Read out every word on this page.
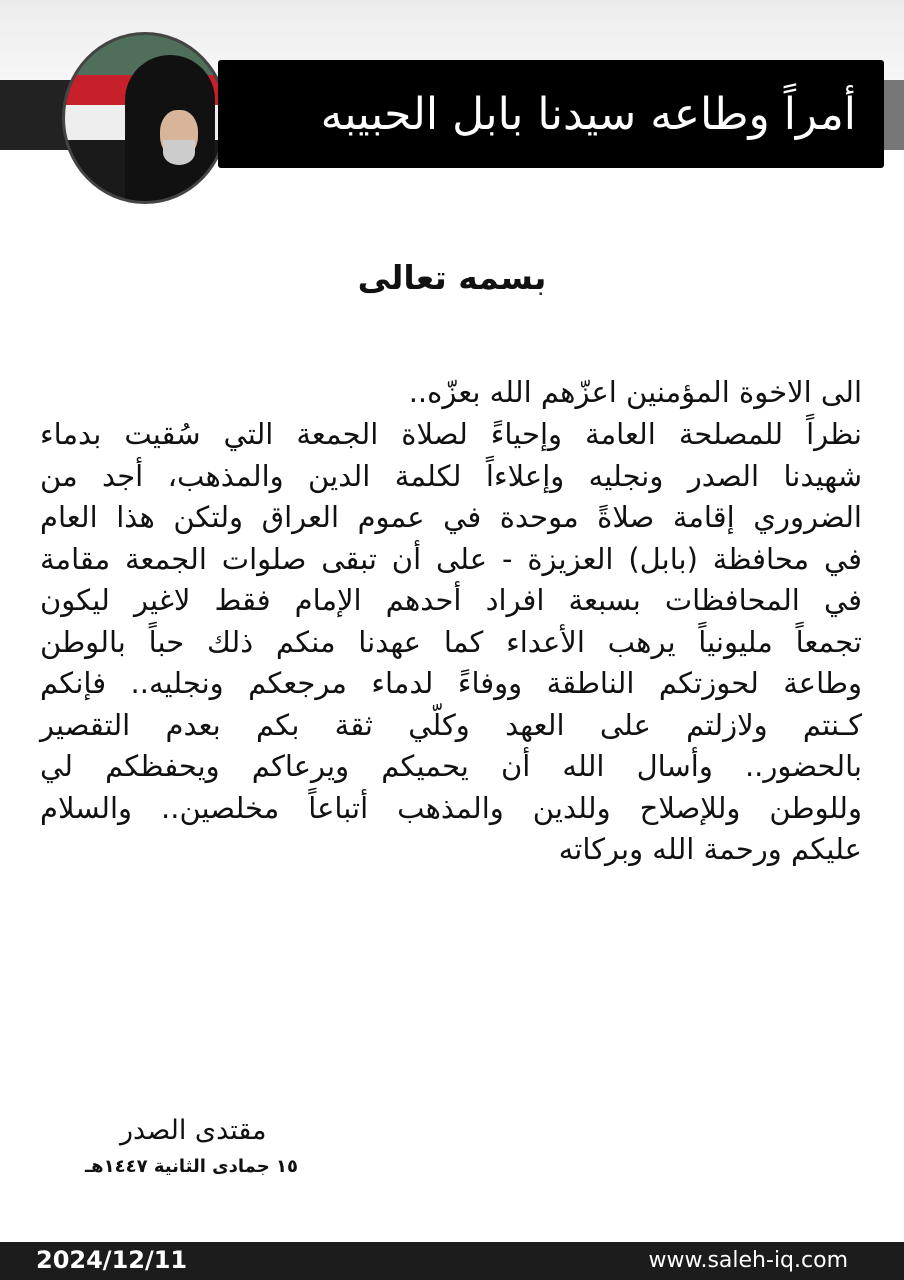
أمراً وطاعه سيدنا بابل الحبيبه
بسمه تعالى
الى الاخوة المؤمنين اعزّهم الله بعزّه..
نظراً للمصلحة العامة وإحياءً لصلاة الجمعة التي سُقيت بدماء
شهيدنا الصدر ونجليه وإعلاءاً لكلمة الدين والمذهب، أجد من
الضروري إقامة صلاةً موحدة في عموم العراق ولتكن هذا العام
في محافظة (بابل) العزيزة - على أن تبقى صلوات الجمعة مقامة
في المحافظات بسبعة افراد أحدهم الإمام فقط لاغير ليكون
تجمعاً مليونياً يرهب الأعداء كما عهدنا منكم ذلك حباً بالوطن
وطاعة لحوزتكم الناطقة ووفاءً لدماء مرجعكم ونجليه.. فإنكم
كـنتم ولازلتم على العهد وكلّي ثقة بكم بعدم التقصير
بالحضور.. وأسال الله أن يحميكم ويرعاكم ويحفظكم لي
وللوطن وللإصلاح وللدين والمذهب أتباعاً مخلصين.. والسلام
عليكم ورحمة الله وبركاته
مقتدى الصدر
١٥ جمادى الثانية ١٤٤٧هـ
2024/12/11	www.saleh-iq.com
